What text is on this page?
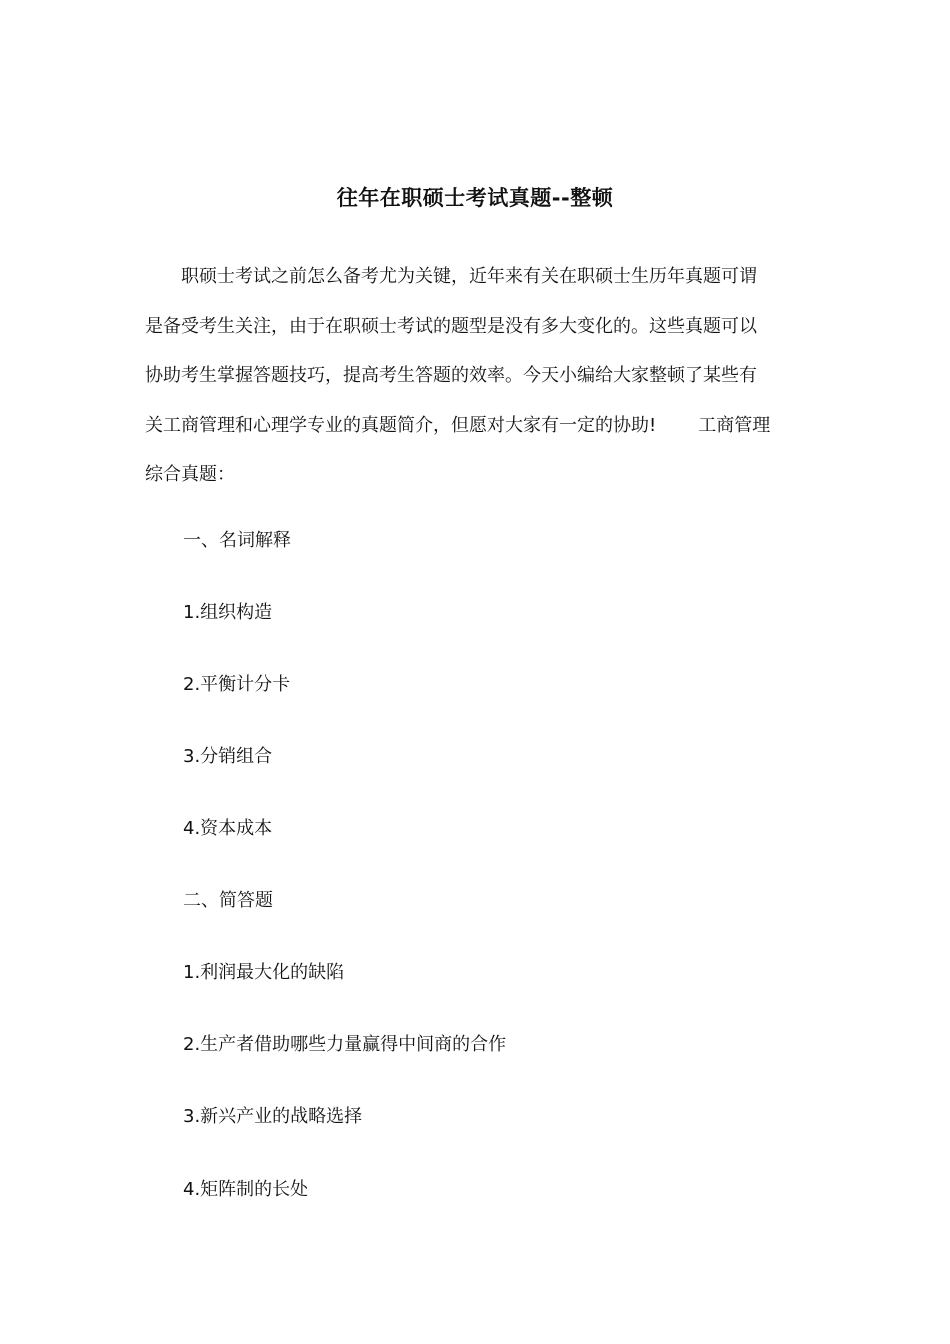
往年在职硕士考试真题--整顿

职硕士考试之前怎么备考尤为关键，近年来有关在职硕士生历年真题可谓
是备受考生关注，由于在职硕士考试的题型是没有多大变化的。这些真题可以
协助考生掌握答题技巧，提高考生答题的效率。今天小编给大家整顿了某些有
关工商管理和心理学专业的真题简介，但愿对大家有一定的协助! 工商管理
综合真题：

一、名词解释
1.组织构造
2.平衡计分卡
3.分销组合
4.资本成本
二、简答题
1.利润最大化的缺陷
2.生产者借助哪些力量赢得中间商的合作
3.新兴产业的战略选择
4.矩阵制的长处
